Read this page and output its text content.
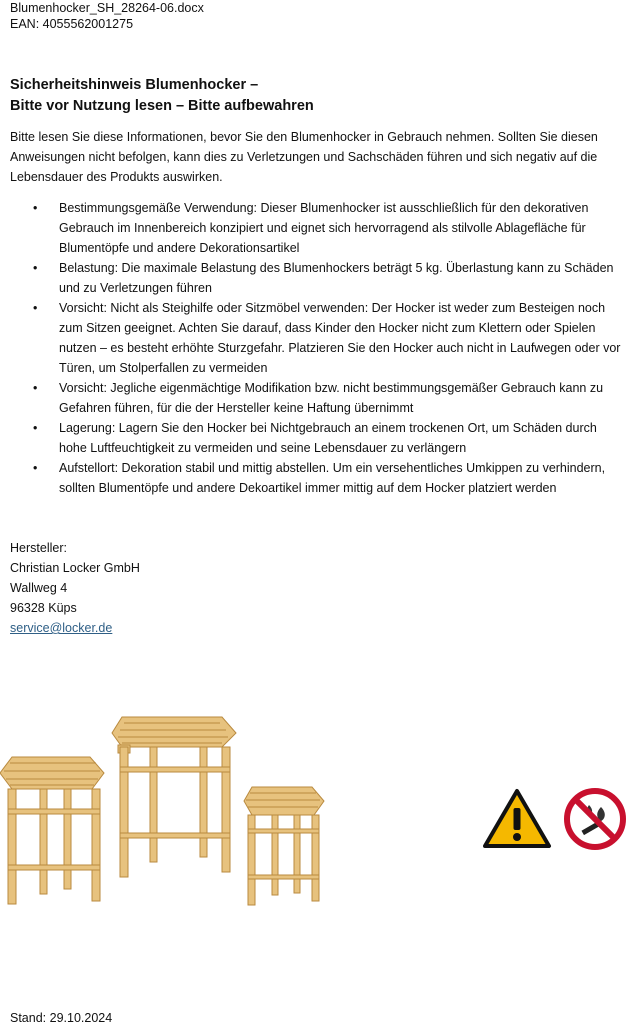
Blumenhocker_SH_28264-06.docx
EAN: 4055562001275
Sicherheitshinweis Blumenhocker –
Bitte vor Nutzung lesen – Bitte aufbewahren
Bitte lesen Sie diese Informationen, bevor Sie den Blumenhocker in Gebrauch nehmen. Sollten Sie diesen Anweisungen nicht befolgen, kann dies zu Verletzungen und Sachschäden führen und sich negativ auf die Lebensdauer des Produkts auswirken.
• Bestimmungsgemäße Verwendung: Dieser Blumenhocker ist ausschließlich für den dekorativen Gebrauch im Innenbereich konzipiert und eignet sich hervorragend als stilvolle Ablagefläche für Blumentöpfe und andere Dekorationsartikel
• Belastung: Die maximale Belastung des Blumenhockers beträgt 5 kg. Überlastung kann zu Schäden und zu Verletzungen führen
• Vorsicht: Nicht als Steighilfe oder Sitzmöbel verwenden: Der Hocker ist weder zum Besteigen noch zum Sitzen geeignet. Achten Sie darauf, dass Kinder den Hocker nicht zum Klettern oder Spielen nutzen – es besteht erhöhte Sturzgefahr. Platzieren Sie den Hocker auch nicht in Laufwegen oder vor Türen, um Stolperfallen zu vermeiden
• Vorsicht: Jegliche eigenmächtige Modifikation bzw. nicht bestimmungsgemäßer Gebrauch kann zu Gefahren führen, für die der Hersteller keine Haftung übernimmt
• Lagerung: Lagern Sie den Hocker bei Nichtgebrauch an einem trockenen Ort, um Schäden durch hohe Luftfeuchtigkeit zu vermeiden und seine Lebensdauer zu verlängern
• Aufstellort: Dekoration stabil und mittig abstellen. Um ein versehentliches Umkippen zu verhindern, sollten Blumentöpfe und andere Dekoartikel immer mittig auf dem Hocker platziert werden
Hersteller:
Christian Locker GmbH
Wallweg 4
96328 Küps
service@locker.de
Stand: 29.10.2024
